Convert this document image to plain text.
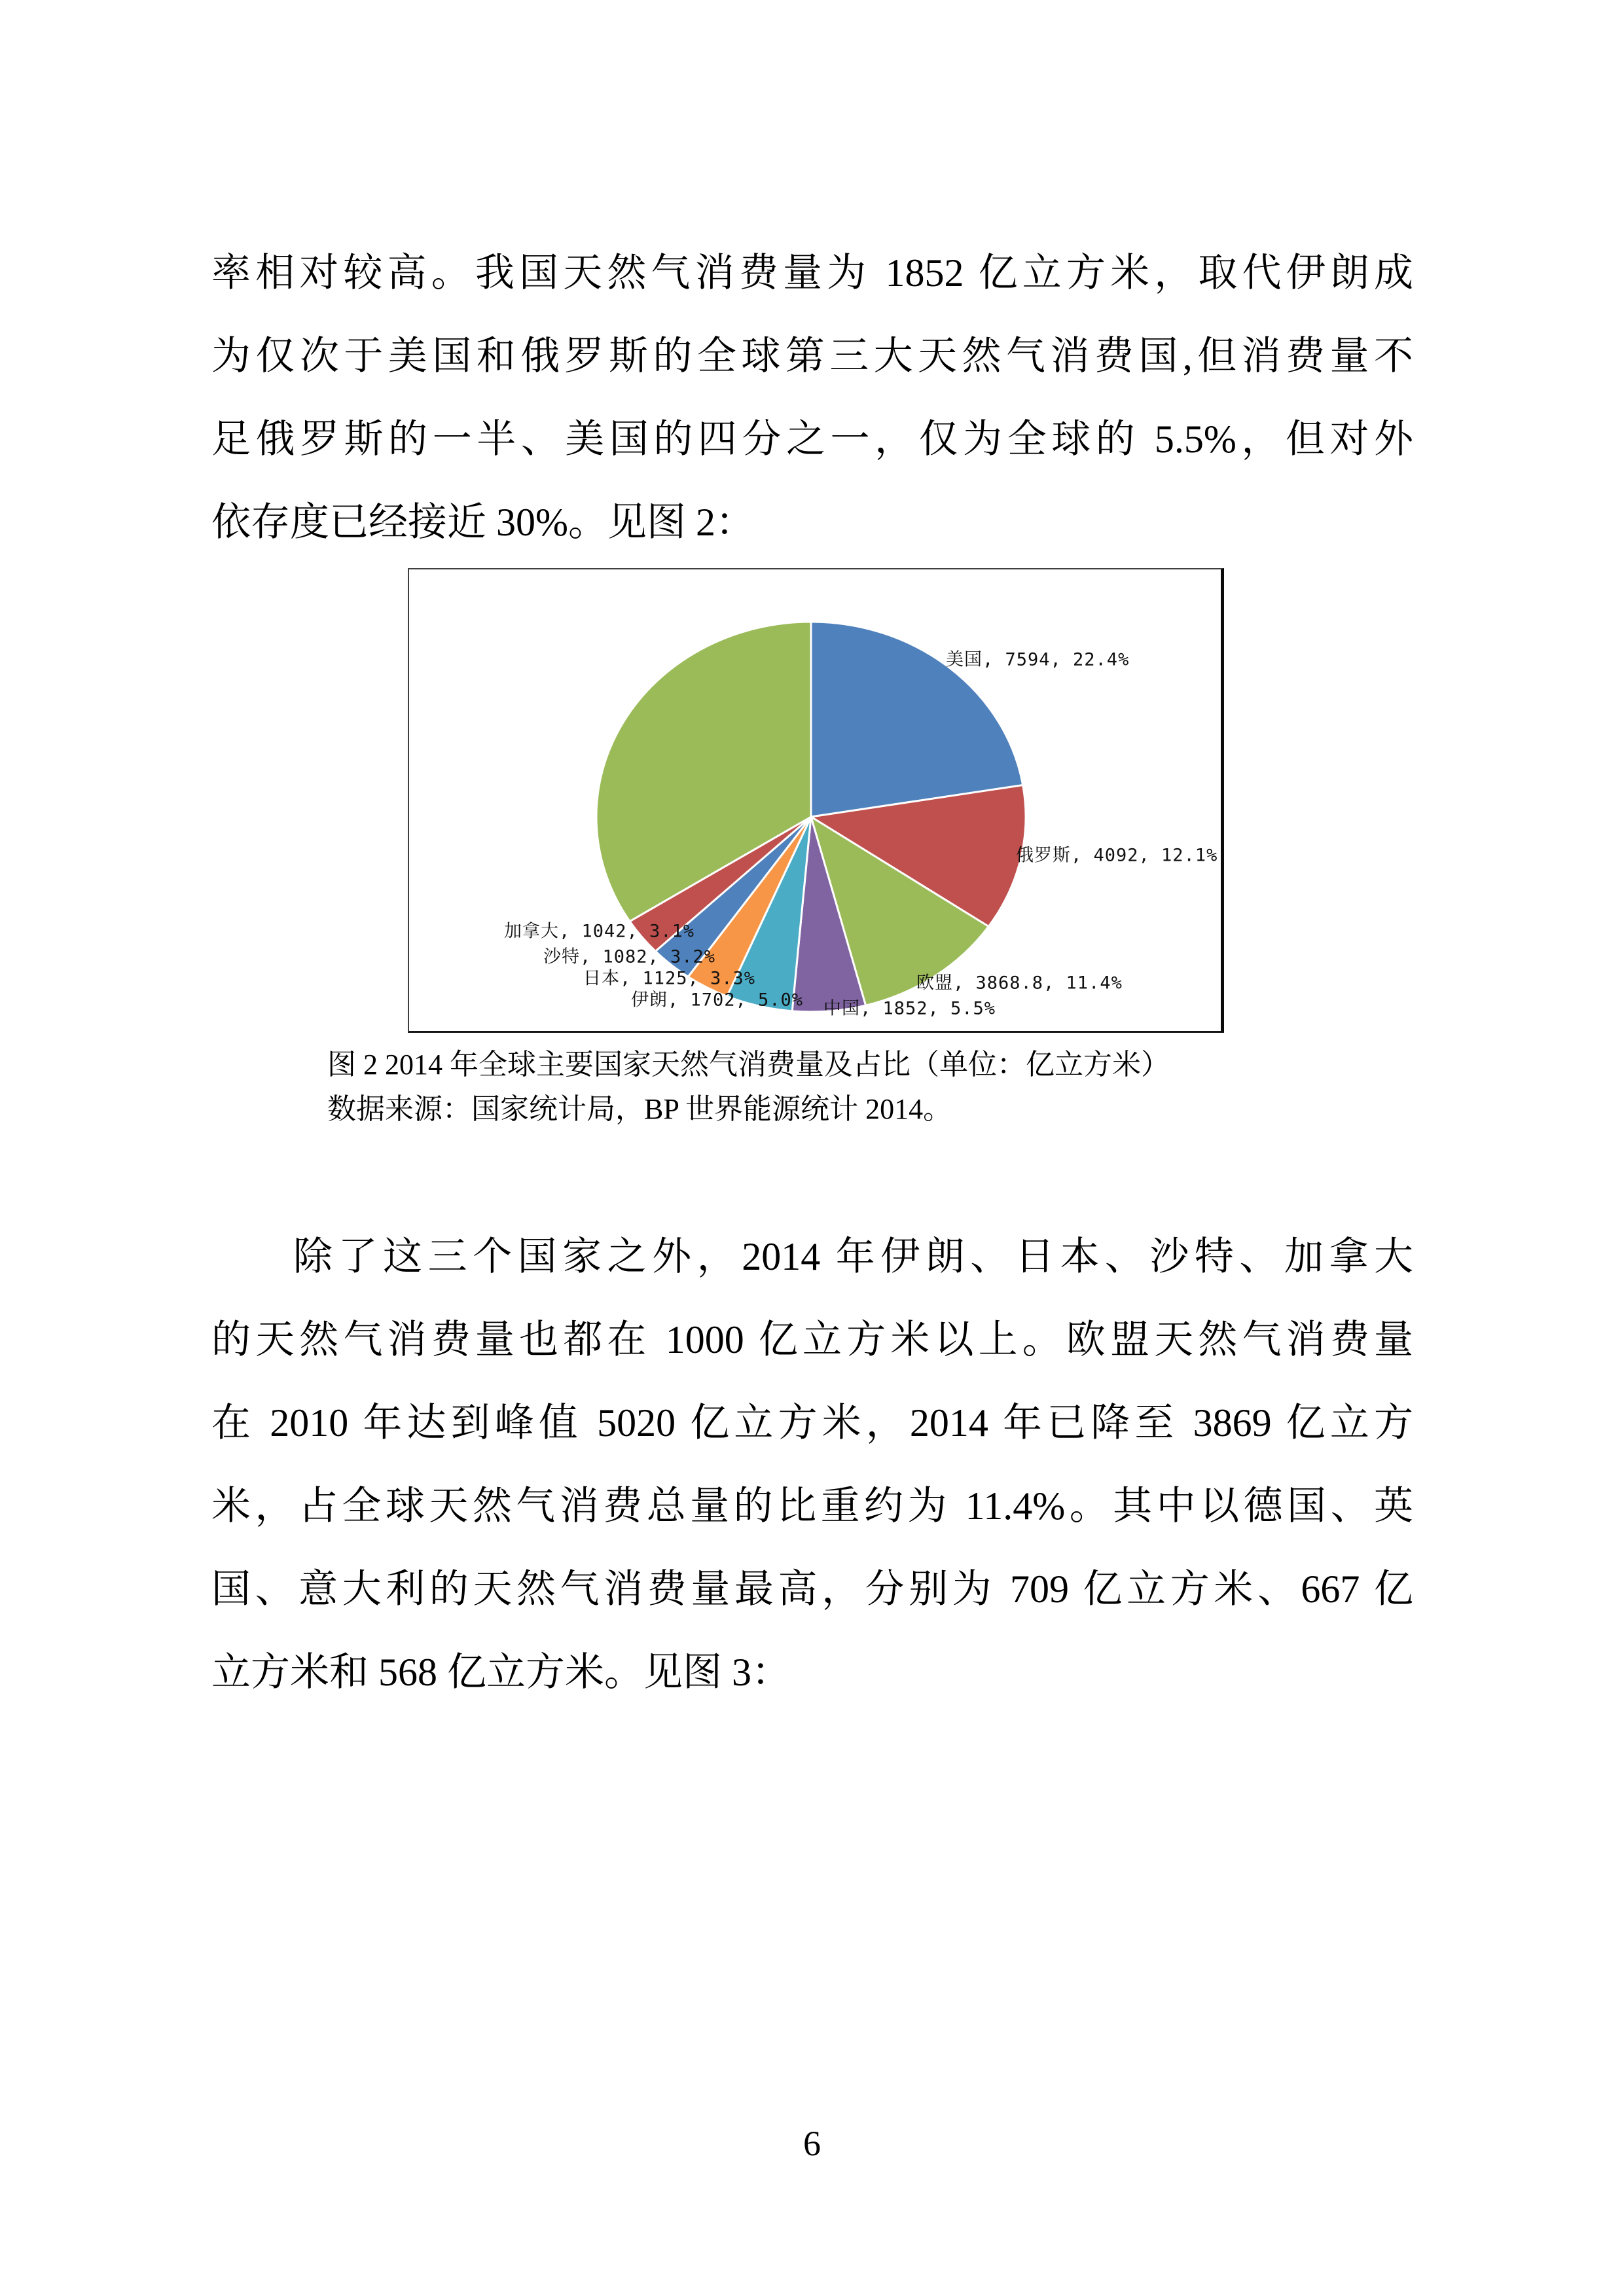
率相对较高。我国天然气消费量为 1852 亿立方米，取代伊朗成
为仅次于美国和俄罗斯的全球第三大天然气消费国,但消费量不
足俄罗斯的一半、美国的四分之一，仅为全球的 5.5%，但对外
依存度已经接近 30%。见图 2：
美国, 7594, 22.4%
俄罗斯, 4092, 12.1%
欧盟, 3868.8, 11.4%
中国, 1852, 5.5%
伊朗, 1702, 5.0%
日本, 1125, 3.3%
沙特, 1082, 3.2%
加拿大, 1042, 3.1%
图 2 2014 年全球主要国家天然气消费量及占比（单位：亿立方米）
数据来源：国家统计局，BP 世界能源统计 2014。
除了这三个国家之外，2014 年伊朗、日本、沙特、加拿大
的天然气消费量也都在 1000 亿立方米以上。欧盟天然气消费量
在 2010 年达到峰值 5020 亿立方米，2014 年已降至 3869 亿立方
米，占全球天然气消费总量的比重约为 11.4%。其中以德国、英
国、意大利的天然气消费量最高，分别为 709 亿立方米、667 亿
立方米和 568 亿立方米。见图 3：
6
